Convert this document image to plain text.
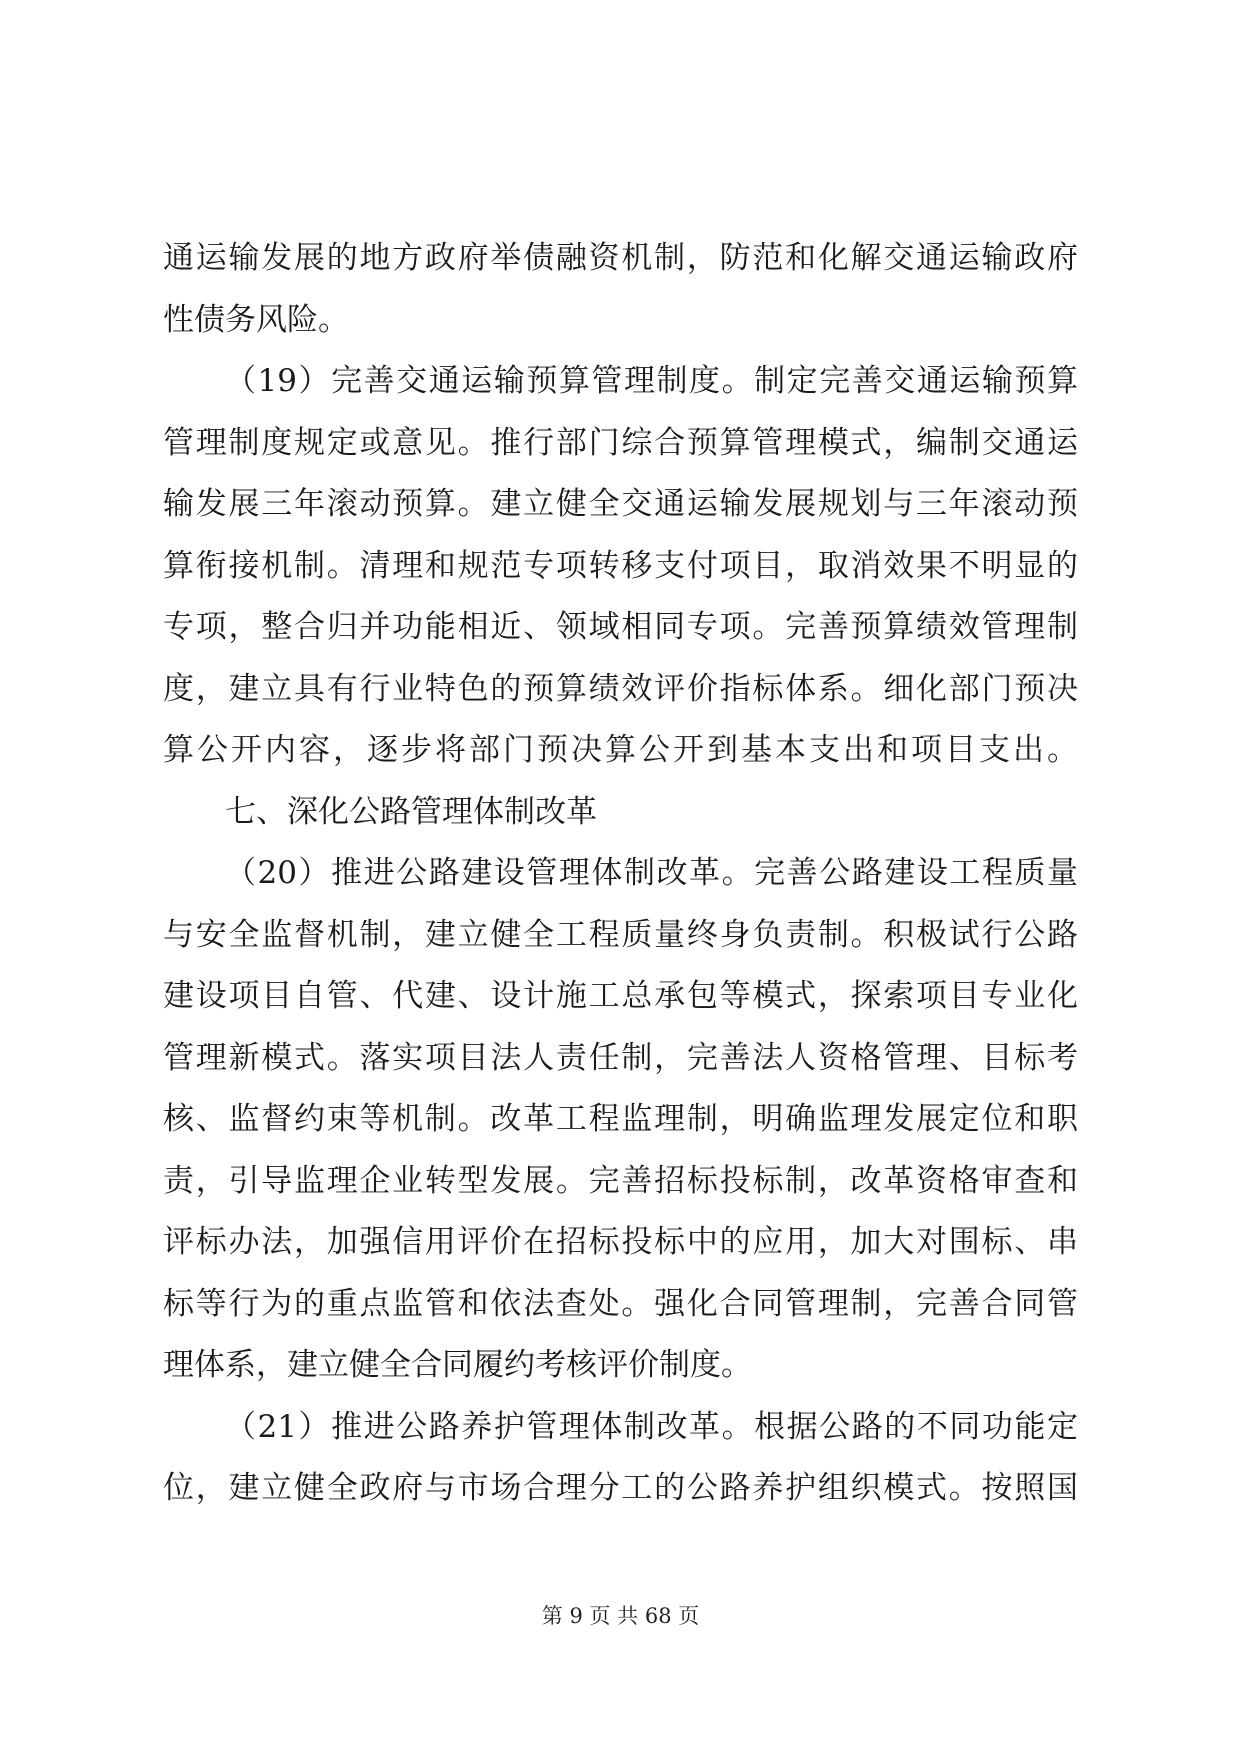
通运输发展的地方政府举债融资机制，防范和化解交通运输政府
性债务风险。
（19）完善交通运输预算管理制度。制定完善交通运输预算
管理制度规定或意见。推行部门综合预算管理模式，编制交通运
输发展三年滚动预算。建立健全交通运输发展规划与三年滚动预
算衔接机制。清理和规范专项转移支付项目，取消效果不明显的
专项，整合归并功能相近、领域相同专项。完善预算绩效管理制
度，建立具有行业特色的预算绩效评价指标体系。细化部门预决
算公开内容，逐步将部门预决算公开到基本支出和项目支出。
七、深化公路管理体制改革
（20）推进公路建设管理体制改革。完善公路建设工程质量
与安全监督机制，建立健全工程质量终身负责制。积极试行公路
建设项目自管、代建、设计施工总承包等模式，探索项目专业化
管理新模式。落实项目法人责任制，完善法人资格管理、目标考
核、监督约束等机制。改革工程监理制，明确监理发展定位和职
责，引导监理企业转型发展。完善招标投标制，改革资格审查和
评标办法，加强信用评价在招标投标中的应用，加大对围标、串
标等行为的重点监管和依法查处。强化合同管理制，完善合同管
理体系，建立健全合同履约考核评价制度。
（21）推进公路养护管理体制改革。根据公路的不同功能定
位，建立健全政府与市场合理分工的公路养护组织模式。按照国
第 9 页 共 68 页
